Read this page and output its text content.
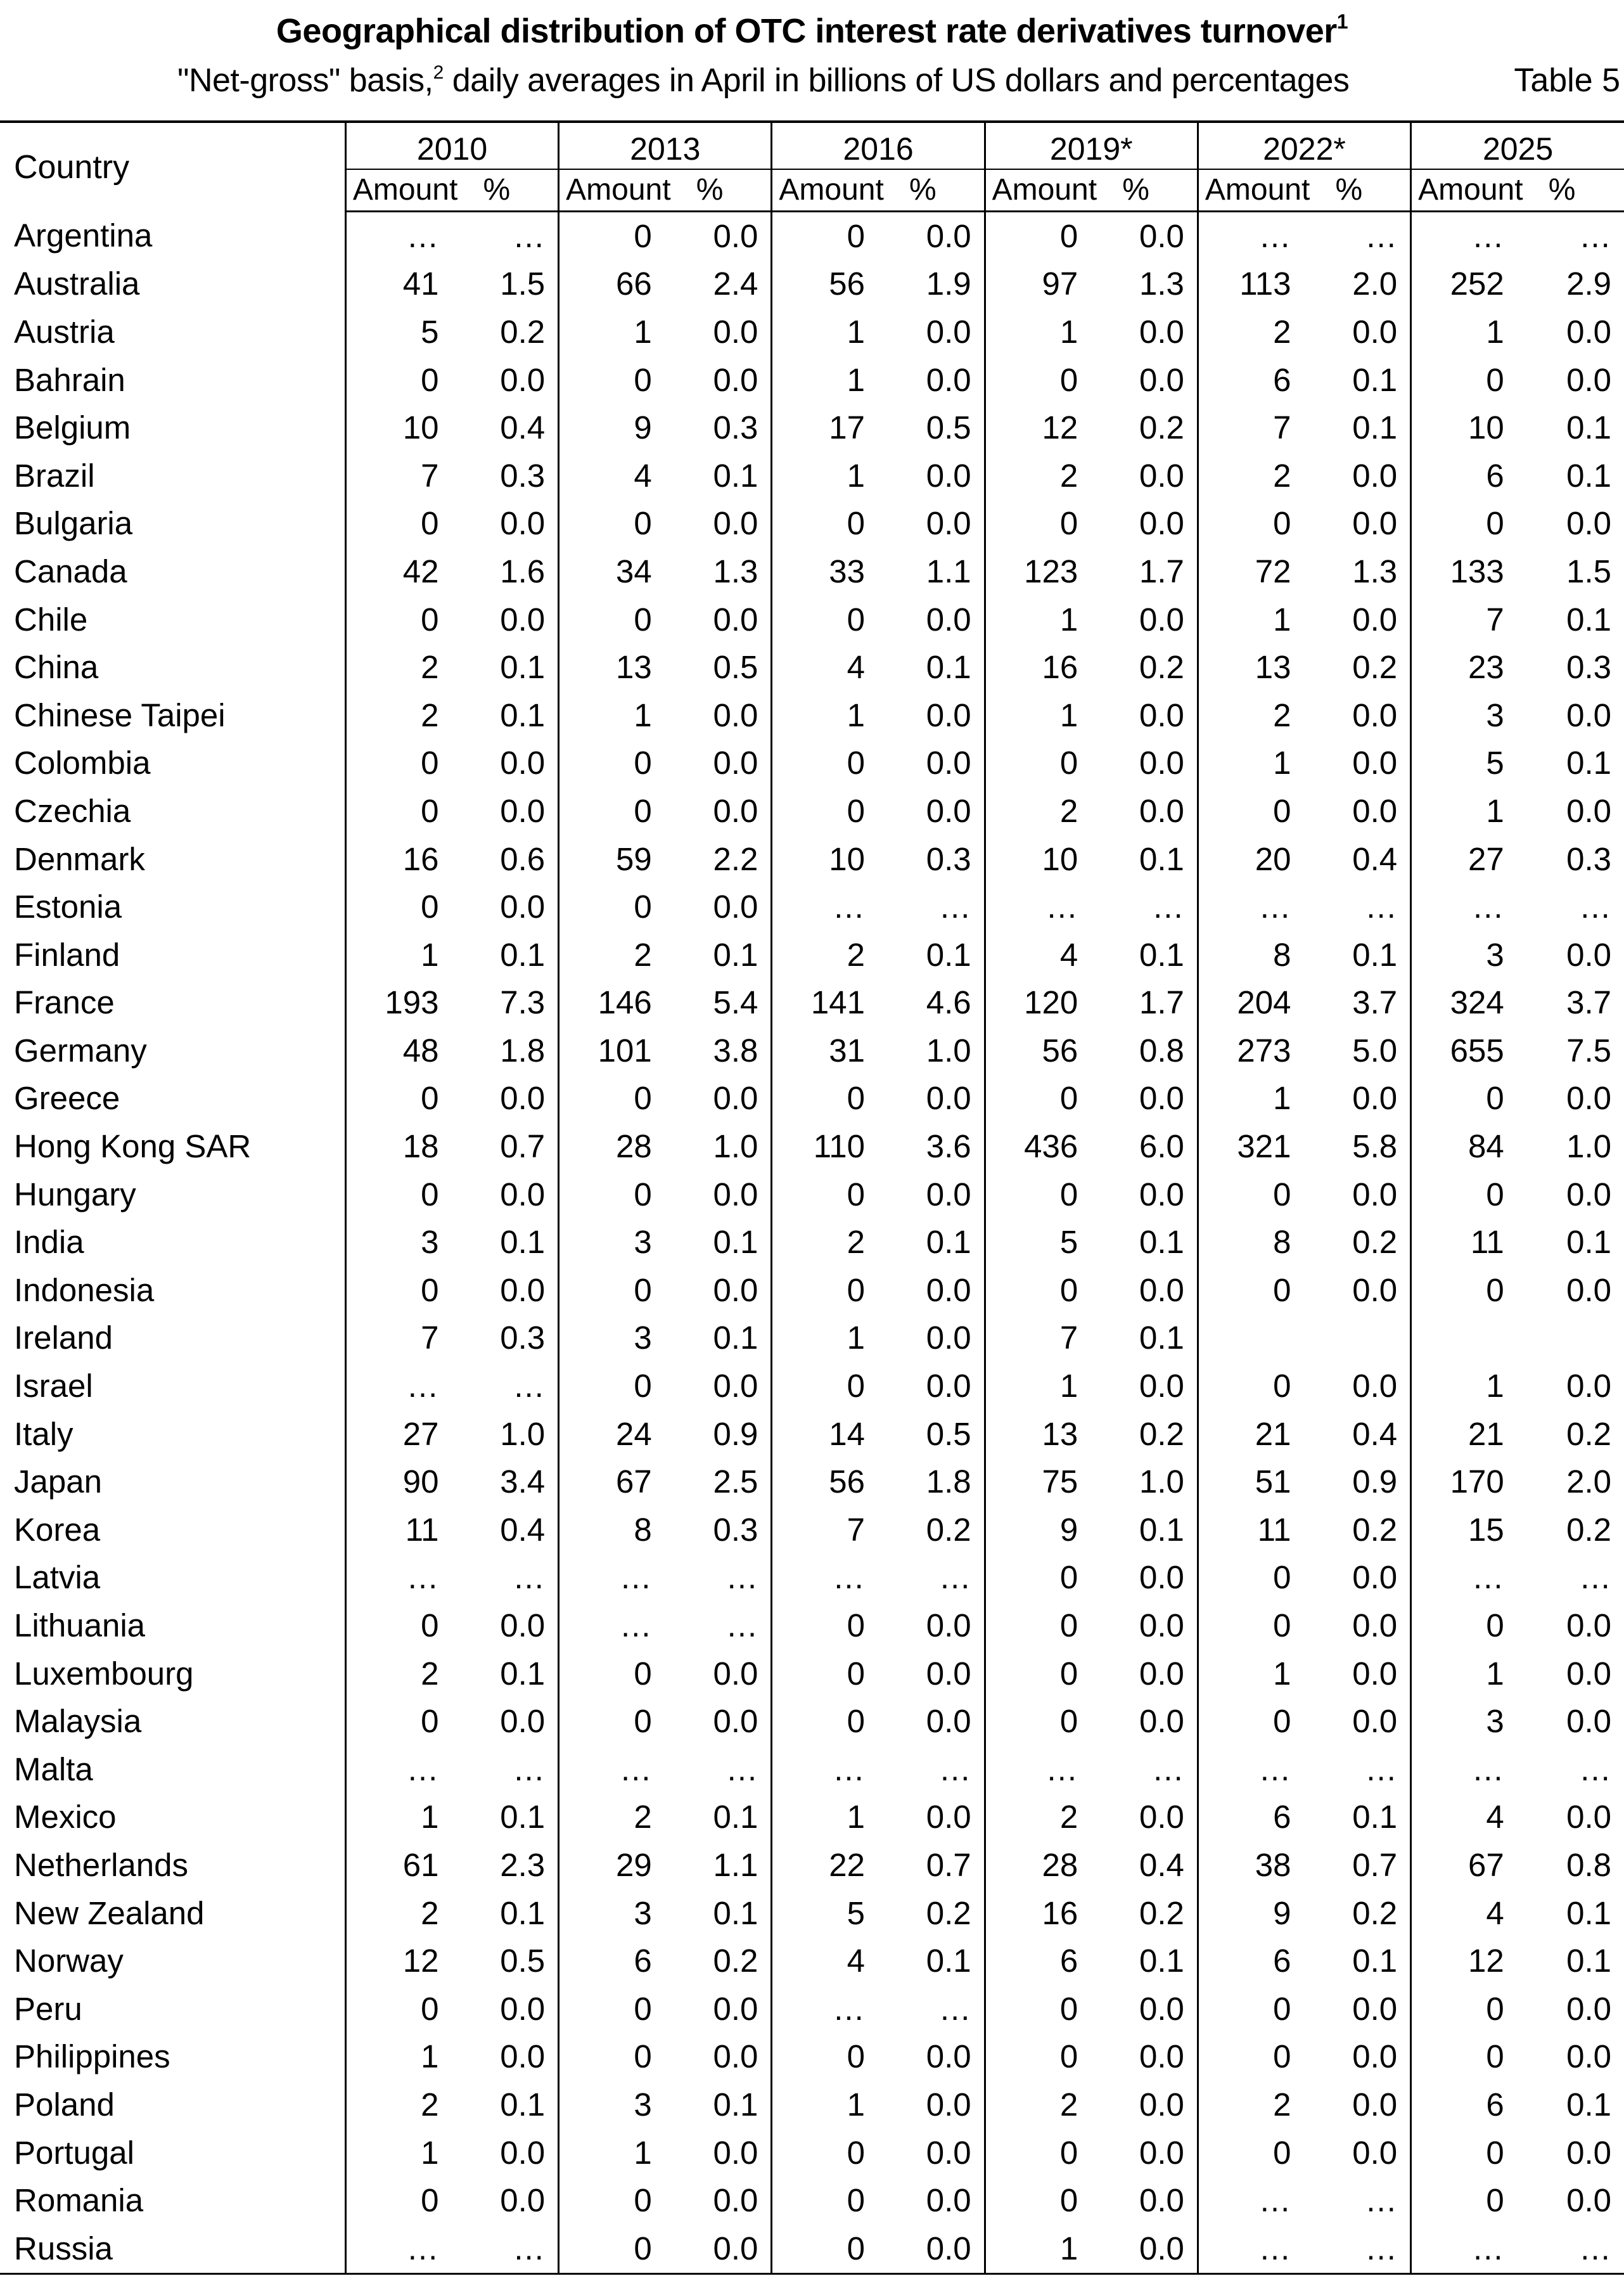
Geographical distribution of OTC interest rate derivatives turnover$^1$
"Net-gross" basis,$^2$ daily averages in April in billions of US dollars and percentages	Table 5
Country	2010		2013		2016		2019*		2022*		2025	
	Amount	%	Amount	%	Amount	%	Amount	%	Amount	%	Amount	%
Argentina	…	…	0	0.0	0	0.0	0	0.0	…	…	…	…
Australia	41	1.5	66	2.4	56	1.9	97	1.3	113	2.0	252	2.9
Austria	5	0.2	1	0.0	1	0.0	1	0.0	2	0.0	1	0.0
Bahrain	0	0.0	0	0.0	1	0.0	0	0.0	6	0.1	0	0.0
Belgium	10	0.4	9	0.3	17	0.5	12	0.2	7	0.1	10	0.1
Brazil	7	0.3	4	0.1	1	0.0	2	0.0	2	0.0	6	0.1
Bulgaria	0	0.0	0	0.0	0	0.0	0	0.0	0	0.0	0	0.0
Canada	42	1.6	34	1.3	33	1.1	123	1.7	72	1.3	133	1.5
Chile	0	0.0	0	0.0	0	0.0	1	0.0	1	0.0	7	0.1
China	2	0.1	13	0.5	4	0.1	16	0.2	13	0.2	23	0.3
Chinese Taipei	2	0.1	1	0.0	1	0.0	1	0.0	2	0.0	3	0.0
Colombia	0	0.0	0	0.0	0	0.0	0	0.0	1	0.0	5	0.1
Czechia	0	0.0	0	0.0	0	0.0	2	0.0	0	0.0	1	0.0
Denmark	16	0.6	59	2.2	10	0.3	10	0.1	20	0.4	27	0.3
Estonia	0	0.0	0	0.0	…	…	…	…	…	…	…	…
Finland	1	0.1	2	0.1	2	0.1	4	0.1	8	0.1	3	0.0
France	193	7.3	146	5.4	141	4.6	120	1.7	204	3.7	324	3.7
Germany	48	1.8	101	3.8	31	1.0	56	0.8	273	5.0	655	7.5
Greece	0	0.0	0	0.0	0	0.0	0	0.0	1	0.0	0	0.0
Hong Kong SAR	18	0.7	28	1.0	110	3.6	436	6.0	321	5.8	84	1.0
Hungary	0	0.0	0	0.0	0	0.0	0	0.0	0	0.0	0	0.0
India	3	0.1	3	0.1	2	0.1	5	0.1	8	0.2	11	0.1
Indonesia	0	0.0	0	0.0	0	0.0	0	0.0	0	0.0	0	0.0
Ireland	7	0.3	3	0.1	1	0.0	7	0.1				
Israel	…	…	0	0.0	0	0.0	1	0.0	0	0.0	1	0.0
Italy	27	1.0	24	0.9	14	0.5	13	0.2	21	0.4	21	0.2
Japan	90	3.4	67	2.5	56	1.8	75	1.0	51	0.9	170	2.0
Korea	11	0.4	8	0.3	7	0.2	9	0.1	11	0.2	15	0.2
Latvia	…	…	…	…	…	…	0	0.0	0	0.0	…	…
Lithuania	0	0.0	…	…	0	0.0	0	0.0	0	0.0	0	0.0
Luxembourg	2	0.1	0	0.0	0	0.0	0	0.0	1	0.0	1	0.0
Malaysia	0	0.0	0	0.0	0	0.0	0	0.0	0	0.0	3	0.0
Malta	…	…	…	…	…	…	…	…	…	…	…	…
Mexico	1	0.1	2	0.1	1	0.0	2	0.0	6	0.1	4	0.0
Netherlands	61	2.3	29	1.1	22	0.7	28	0.4	38	0.7	67	0.8
New Zealand	2	0.1	3	0.1	5	0.2	16	0.2	9	0.2	4	0.1
Norway	12	0.5	6	0.2	4	0.1	6	0.1	6	0.1	12	0.1
Peru	0	0.0	0	0.0	…	…	0	0.0	0	0.0	0	0.0
Philippines	1	0.0	0	0.0	0	0.0	0	0.0	0	0.0	0	0.0
Poland	2	0.1	3	0.1	1	0.0	2	0.0	2	0.0	6	0.1
Portugal	1	0.0	1	0.0	0	0.0	0	0.0	0	0.0	0	0.0
Romania	0	0.0	0	0.0	0	0.0	0	0.0	…	…	0	0.0
Russia	…	…	0	0.0	0	0.0	1	0.0	…	…	…	…
